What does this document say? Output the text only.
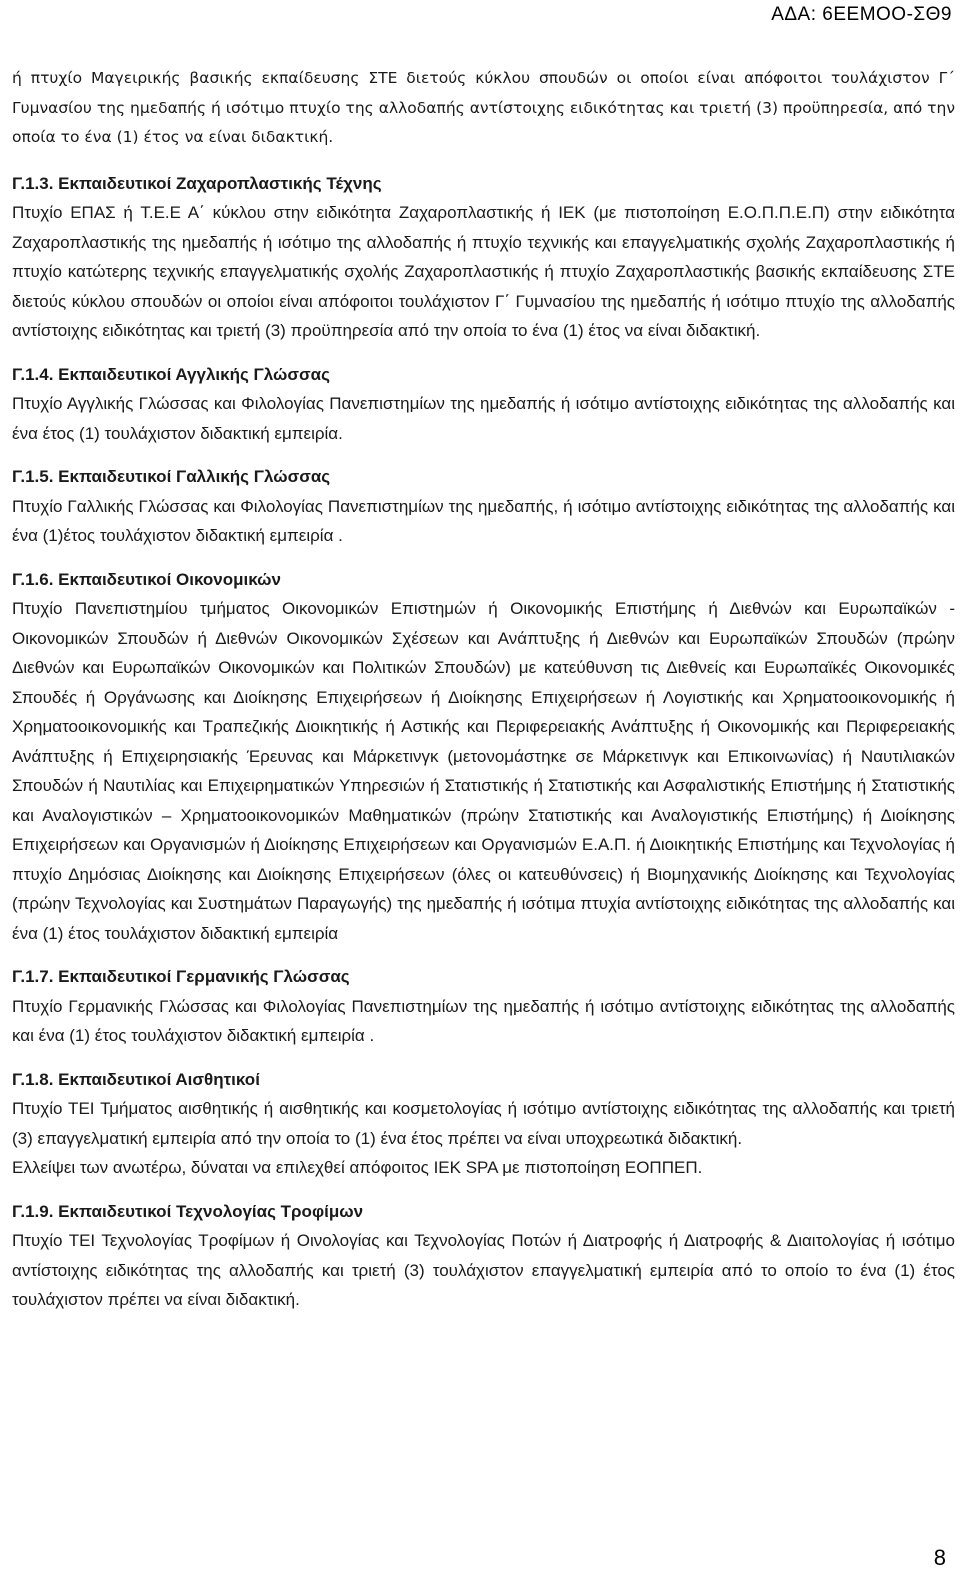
ΑΔΑ: 6ΕΕΜΟΟ-ΣΘ9

ή πτυχίο Μαγειρικής βασικής εκπαίδευσης ΣΤΕ διετούς κύκλου σπουδών οι οποίοι είναι απόφοιτοι τουλάχιστον Γ΄ Γυμνασίου της ημεδαπής ή ισότιμο πτυχίο της αλλοδαπής αντίστοιχης ειδικότητας και τριετή (3) προϋπηρεσία, από την οποία το ένα (1) έτος να είναι διδακτική.

Γ.1.3. Εκπαιδευτικοί Ζαχαροπλαστικής Τέχνης

Πτυχίο ΕΠΑΣ ή Τ.Ε.Ε Α΄ κύκλου στην ειδικότητα Ζαχαροπλαστικής ή ΙΕΚ (με πιστοποίηση Ε.Ο.Π.Π.Ε.Π) στην ειδικότητα Ζαχαροπλαστικής της ημεδαπής ή ισότιμο της αλλοδαπής ή πτυχίο τεχνικής και επαγγελματικής σχολής Ζαχαροπλαστικής ή πτυχίο κατώτερης τεχνικής επαγγελματικής σχολής Ζαχαροπλαστικής ή πτυχίο Ζαχαροπλαστικής βασικής εκπαίδευσης ΣΤΕ διετούς κύκλου σπουδών οι οποίοι είναι απόφοιτοι τουλάχιστον Γ΄ Γυμνασίου της ημεδαπής ή ισότιμο πτυχίο της αλλοδαπής αντίστοιχης ειδικότητας και τριετή (3) προϋπηρεσία από την οποία το ένα (1) έτος να είναι διδακτική.

Γ.1.4. Εκπαιδευτικοί Αγγλικής Γλώσσας

Πτυχίο Αγγλικής Γλώσσας και Φιλολογίας Πανεπιστημίων της ημεδαπής ή ισότιμο αντίστοιχης ειδικότητας της αλλοδαπής και ένα έτος (1) τουλάχιστον διδακτική εμπειρία.

Γ.1.5. Εκπαιδευτικοί Γαλλικής Γλώσσας

Πτυχίο Γαλλικής Γλώσσας και Φιλολογίας Πανεπιστημίων της ημεδαπής, ή ισότιμο αντίστοιχης ειδικότητας της αλλοδαπής και ένα (1)έτος τουλάχιστον διδακτική εμπειρία .

Γ.1.6. Εκπαιδευτικοί Οικονομικών

Πτυχίο Πανεπιστημίου τμήματος Οικονομικών Επιστημών ή Οικονομικής Επιστήμης ή Διεθνών και Ευρωπαϊκών - Οικονομικών Σπουδών ή Διεθνών Οικονομικών Σχέσεων και Ανάπτυξης ή Διεθνών και Ευρωπαϊκών Σπουδών (πρώην Διεθνών και Ευρωπαϊκών Οικονομικών και Πολιτικών Σπουδών) με κατεύθυνση τις Διεθνείς και Ευρωπαϊκές Οικονομικές Σπουδές ή Οργάνωσης και Διοίκησης Επιχειρήσεων ή Διοίκησης Επιχειρήσεων ή Λογιστικής και Χρηματοοικονομικής ή Χρηματοοικονομικής και Τραπεζικής Διοικητικής ή Αστικής και Περιφερειακής Ανάπτυξης ή Οικονομικής και Περιφερειακής Ανάπτυξης ή Επιχειρησιακής Έρευνας και Μάρκετινγκ (μετονομάστηκε σε Μάρκετινγκ και Επικοινωνίας) ή Ναυτιλιακών Σπουδών ή Ναυτιλίας και Επιχειρηματικών Υπηρεσιών ή Στατιστικής ή Στατιστικής και Ασφαλιστικής Επιστήμης ή Στατιστικής και Αναλογιστικών – Χρηματοοικονομικών Μαθηματικών (πρώην Στατιστικής και Αναλογιστικής Επιστήμης) ή Διοίκησης Επιχειρήσεων και Οργανισμών ή Διοίκησης Επιχειρήσεων και Οργανισμών Ε.Α.Π. ή Διοικητικής Επιστήμης και Τεχνολογίας ή πτυχίο Δημόσιας Διοίκησης και Διοίκησης Επιχειρήσεων (όλες οι κατευθύνσεις) ή Βιομηχανικής Διοίκησης και Τεχνολογίας (πρώην Τεχνολογίας και Συστημάτων Παραγωγής) της ημεδαπής ή ισότιμα πτυχία αντίστοιχης ειδικότητας της αλλοδαπής και ένα (1) έτος τουλάχιστον διδακτική εμπειρία

Γ.1.7. Εκπαιδευτικοί Γερμανικής Γλώσσας

Πτυχίο Γερμανικής Γλώσσας και Φιλολογίας Πανεπιστημίων της ημεδαπής ή ισότιμο αντίστοιχης ειδικότητας της αλλοδαπής και ένα (1) έτος τουλάχιστον διδακτική εμπειρία .

Γ.1.8. Εκπαιδευτικοί Αισθητικοί

Πτυχίο ΤΕΙ Τμήματος αισθητικής ή αισθητικής και κοσμετολογίας ή ισότιμο αντίστοιχης ειδικότητας της αλλοδαπής και τριετή (3) επαγγελματική εμπειρία από την οποία το (1) ένα έτος πρέπει να είναι υποχρεωτικά διδακτική.

Ελλείψει των ανωτέρω, δύναται να επιλεχθεί απόφοιτος ΙΕΚ SPA με πιστοποίηση ΕΟΠΠΕΠ.

Γ.1.9. Εκπαιδευτικοί Τεχνολογίας Τροφίμων

Πτυχίο ΤΕΙ Τεχνολογίας Τροφίμων ή Οινολογίας και Τεχνολογίας Ποτών ή Διατροφής ή Διατροφής & Διαιτολογίας ή ισότιμο αντίστοιχης ειδικότητας της αλλοδαπής και τριετή (3) τουλάχιστον επαγγελματική εμπειρία από το οποίο το ένα (1) έτος τουλάχιστον πρέπει να είναι διδακτική.

8
